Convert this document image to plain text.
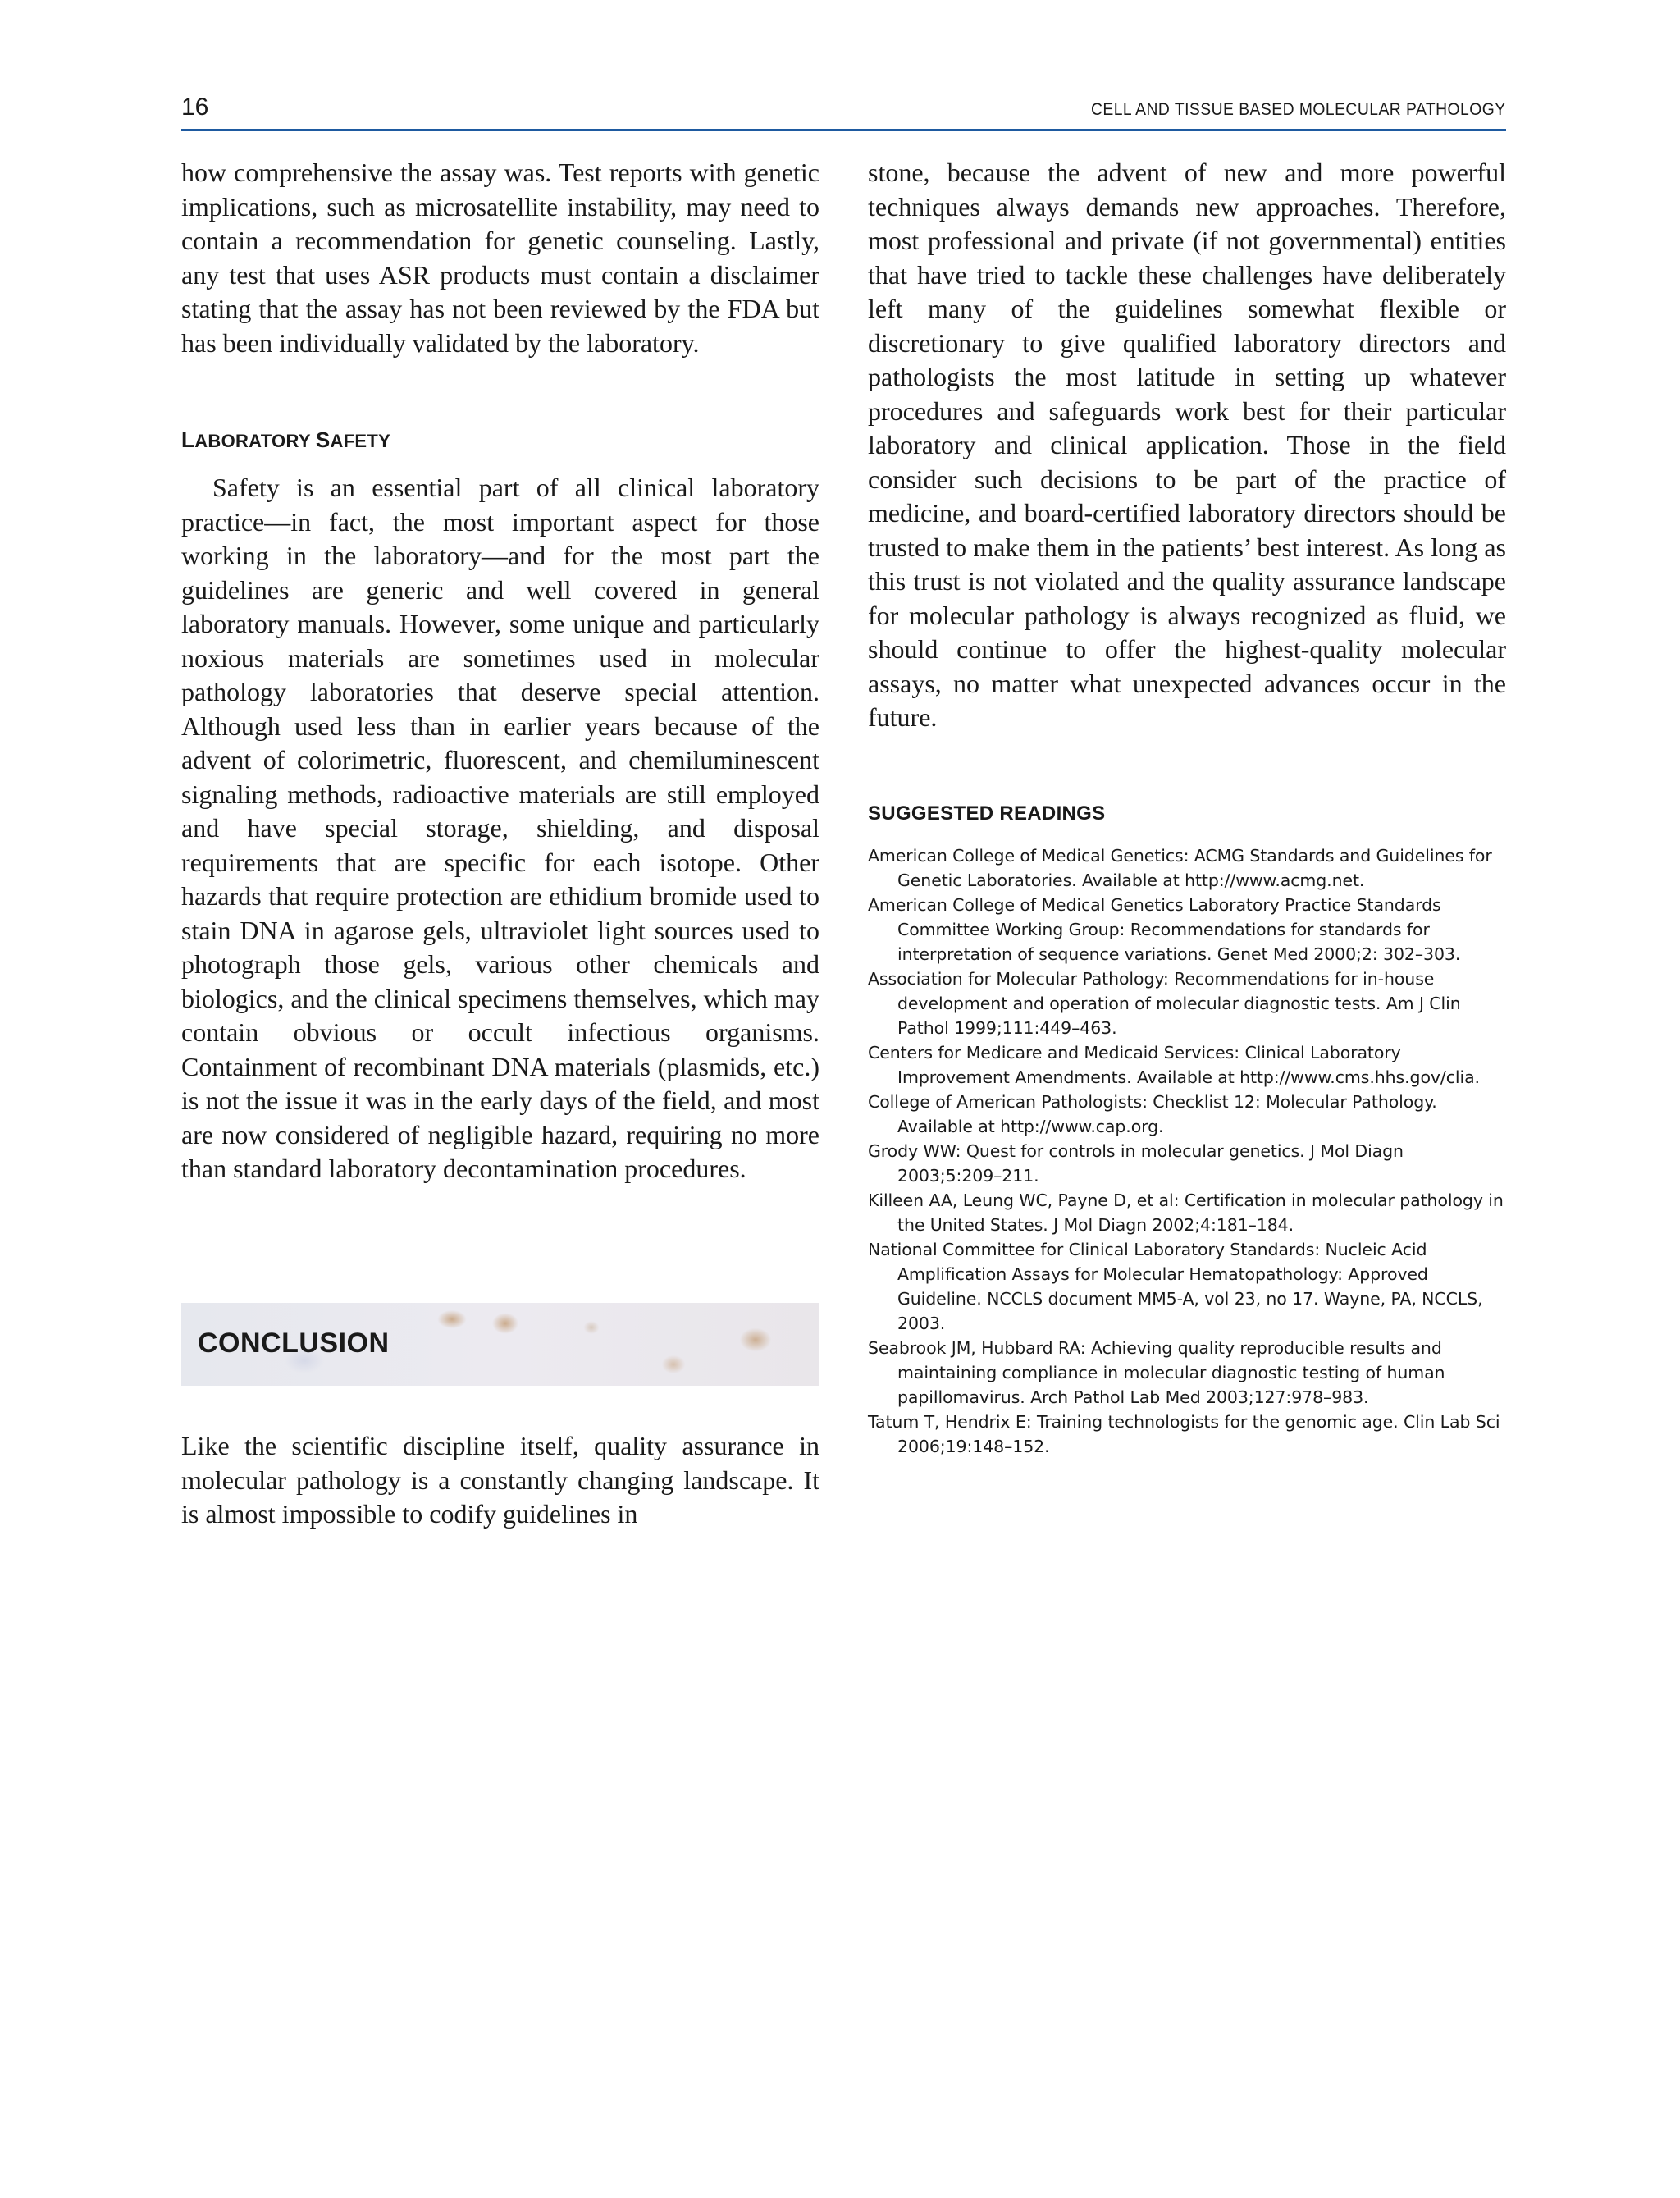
16	CELL AND TISSUE BASED MOLECULAR PATHOLOGY

how comprehensive the assay was. Test reports with genetic implications, such as microsatellite instability, may need to contain a recommendation for genetic counseling. Lastly, any test that uses ASR products must contain a disclaimer stating that the assay has not been reviewed by the FDA but has been individually validated by the laboratory.

LABORATORY SAFETY

Safety is an essential part of all clinical laboratory practice—in fact, the most important aspect for those working in the laboratory—and for the most part the guidelines are generic and well covered in general laboratory manuals. However, some unique and particularly noxious materials are sometimes used in molecular pathology laboratories that deserve special attention. Although used less than in earlier years because of the advent of colorimetric, fluorescent, and chemiluminescent signaling methods, radioactive materials are still employed and have special storage, shielding, and disposal requirements that are specific for each isotope. Other hazards that require protection are ethidium bromide used to stain DNA in agarose gels, ultraviolet light sources used to photograph those gels, various other chemicals and biologics, and the clinical specimens themselves, which may contain obvious or occult infectious organisms. Containment of recombinant DNA materials (plasmids, etc.) is not the issue it was in the early days of the field, and most are now considered of negligible hazard, requiring no more than standard laboratory decontamination procedures.

CONCLUSION

Like the scientific discipline itself, quality assurance in molecular pathology is a constantly changing landscape. It is almost impossible to codify guidelines in

stone, because the advent of new and more powerful techniques always demands new approaches. Therefore, most professional and private (if not governmental) entities that have tried to tackle these challenges have deliberately left many of the guidelines somewhat flexible or discretionary to give qualified laboratory directors and pathologists the most latitude in setting up whatever procedures and safeguards work best for their particular laboratory and clinical application. Those in the field consider such decisions to be part of the practice of medicine, and board-certified laboratory directors should be trusted to make them in the patients’ best interest. As long as this trust is not violated and the quality assurance landscape for molecular pathology is always recognized as fluid, we should continue to offer the highest-quality molecular assays, no matter what unexpected advances occur in the future.

SUGGESTED READINGS

American College of Medical Genetics: ACMG Standards and Guidelines for Genetic Laboratories. Available at http://www.acmg.net.

American College of Medical Genetics Laboratory Practice Standards Committee Working Group: Recommendations for standards for interpretation of sequence variations. Genet Med 2000;2: 302–303.

Association for Molecular Pathology: Recommendations for in-house development and operation of molecular diagnostic tests. Am J Clin Pathol 1999;111:449–463.

Centers for Medicare and Medicaid Services: Clinical Laboratory Improvement Amendments. Available at http://www.cms.hhs.gov/clia.

College of American Pathologists: Checklist 12: Molecular Pathology. Available at http://www.cap.org.

Grody WW: Quest for controls in molecular genetics. J Mol Diagn 2003;5:209–211.

Killeen AA, Leung WC, Payne D, et al: Certification in molecular pathology in the United States. J Mol Diagn 2002;4:181–184.

National Committee for Clinical Laboratory Standards: Nucleic Acid Amplification Assays for Molecular Hematopathology: Approved Guideline. NCCLS document MM5-A, vol 23, no 17. Wayne, PA, NCCLS, 2003.

Seabrook JM, Hubbard RA: Achieving quality reproducible results and maintaining compliance in molecular diagnostic testing of human papillomavirus. Arch Pathol Lab Med 2003;127:978–983.

Tatum T, Hendrix E: Training technologists for the genomic age. Clin Lab Sci 2006;19:148–152.
